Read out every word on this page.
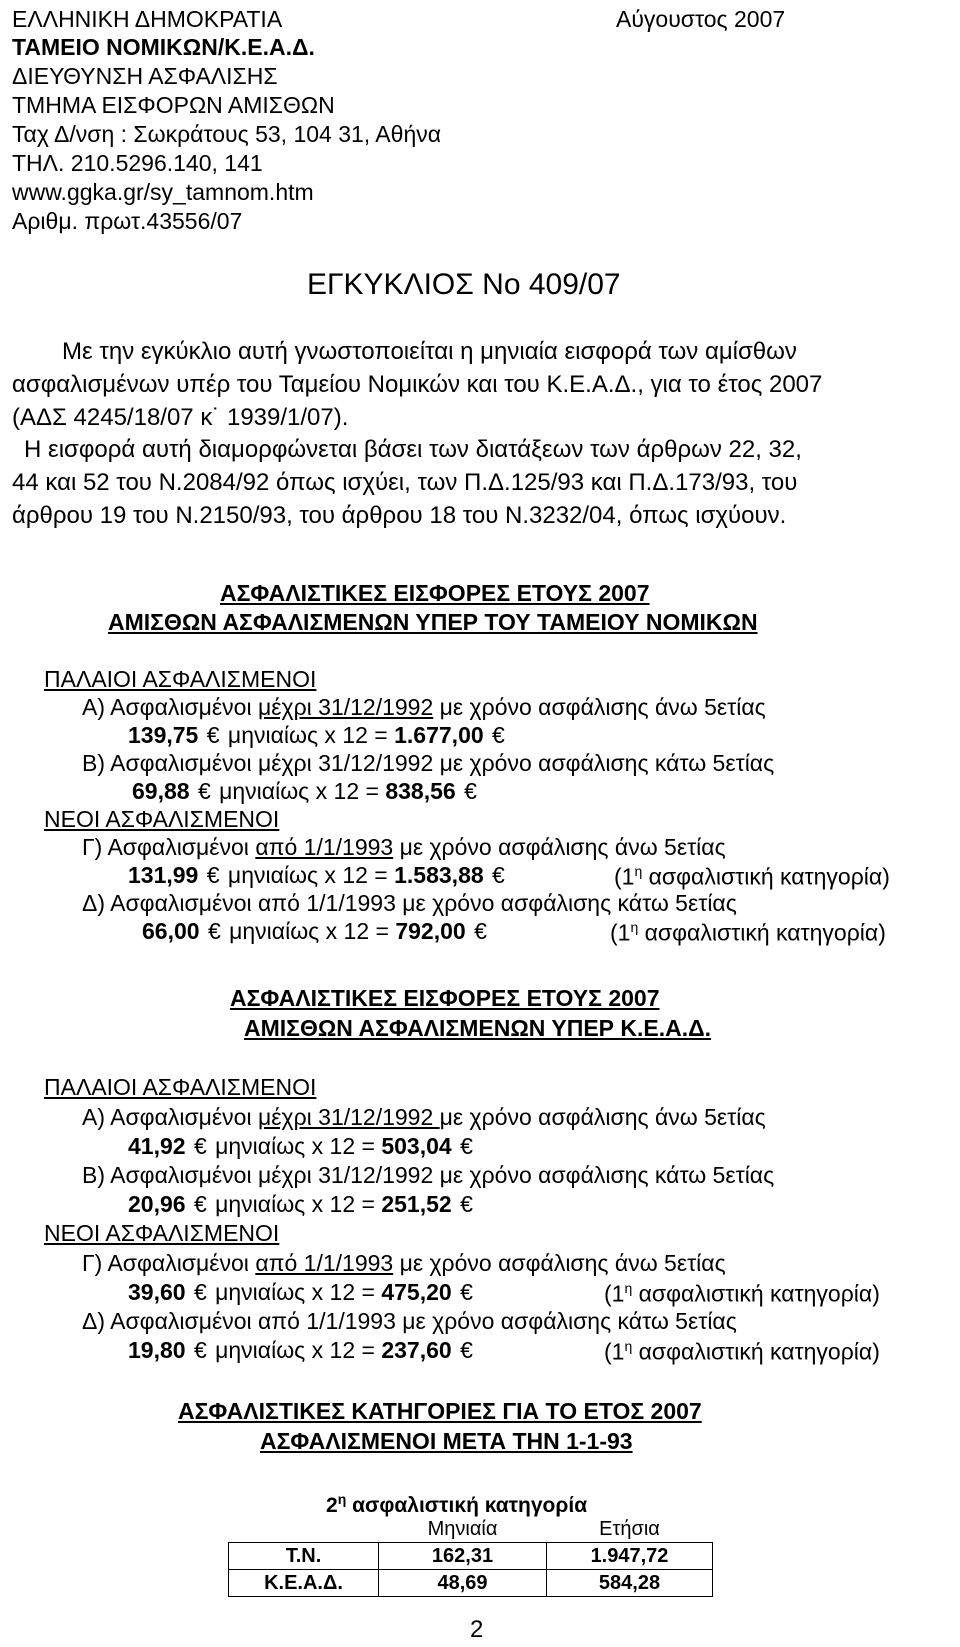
ΕΛΛΗΝΙΚΗ ΔΗΜΟΚΡΑΤΙΑ	Αύγουστος 2007
ΤΑΜΕΙΟ ΝΟΜΙΚΩΝ/Κ.Ε.Α.Δ.
ΔΙΕΥΘΥΝΣΗ ΑΣΦΑΛΙΣΗΣ
ΤΜΗΜΑ ΕΙΣΦΟΡΩΝ ΑΜΙΣΘΩΝ
Ταχ Δ/νση : Σωκράτους 53, 104 31, Αθήνα
ΤΗΛ. 210.5296.140, 141
www.ggka.gr/sy_tamnom.htm
Αριθμ. πρωτ.43556/07
ΕΓΚΥΚΛΙΟΣ Νο 409/07
Με την εγκύκλιο αυτή γνωστοποιείται η μηνιαία εισφορά των αμίσθων
ασφαλισμένων υπέρ του Ταμείου Νομικών και του Κ.Ε.Α.Δ., για το έτος 2007
(ΑΔΣ 4245/18/07 κ˙ 1939/1/07).
Η εισφορά αυτή διαμορφώνεται βάσει των διατάξεων των άρθρων 22, 32,
44 και 52 του Ν.2084/92 όπως ισχύει, των Π.Δ.125/93 και Π.Δ.173/93, του
άρθρου 19 του Ν.2150/93, του άρθρου 18 του Ν.3232/04, όπως ισχύουν.
ΑΣΦΑΛΙΣΤΙΚΕΣ ΕΙΣΦΟΡΕΣ ΕΤΟΥΣ 2007
ΑΜΙΣΘΩΝ ΑΣΦΑΛΙΣΜΕΝΩΝ ΥΠΕΡ ΤΟΥ ΤΑΜΕΙΟΥ ΝΟΜΙΚΩΝ
ΠΑΛΑΙΟΙ ΑΣΦΑΛΙΣΜΕΝΟΙ
Α) Ασφαλισμένοι μέχρι 31/12/1992 με χρόνο ασφάλισης άνω 5ετίας
139,75 € μηνιαίως x 12 = 1.677,00 €
Β) Ασφαλισμένοι μέχρι 31/12/1992 με χρόνο ασφάλισης κάτω 5ετίας
69,88 € μηνιαίως x 12 = 838,56 €
ΝΕΟΙ ΑΣΦΑΛΙΣΜΕΝΟΙ
Γ) Ασφαλισμένοι από 1/1/1993 με χρόνο ασφάλισης άνω 5ετίας
131,99 € μηνιαίως x 12 = 1.583,88 €	($1^\eta$ ασφαλιστική κατηγορία)
Δ) Ασφαλισμένοι από 1/1/1993 με χρόνο ασφάλισης κάτω 5ετίας
66,00 € μηνιαίως x 12 = 792,00 €	($1^\eta$ ασφαλιστική κατηγορία)
ΑΣΦΑΛΙΣΤΙΚΕΣ ΕΙΣΦΟΡΕΣ ΕΤΟΥΣ 2007
ΑΜΙΣΘΩΝ ΑΣΦΑΛΙΣΜΕΝΩΝ ΥΠΕΡ Κ.Ε.Α.Δ.
ΠΑΛΑΙΟΙ ΑΣΦΑΛΙΣΜΕΝΟΙ
Α) Ασφαλισμένοι μέχρι 31/12/1992 με χρόνο ασφάλισης άνω 5ετίας
41,92 € μηνιαίως x 12 = 503,04 €
Β) Ασφαλισμένοι μέχρι 31/12/1992 με χρόνο ασφάλισης κάτω 5ετίας
20,96 € μηνιαίως x 12 = 251,52 €
ΝΕΟΙ ΑΣΦΑΛΙΣΜΕΝΟΙ
Γ) Ασφαλισμένοι από 1/1/1993 με χρόνο ασφάλισης άνω 5ετίας
39,60 € μηνιαίως x 12 = 475,20 €	($1^\eta$ ασφαλιστική κατηγορία)
Δ) Ασφαλισμένοι από 1/1/1993 με χρόνο ασφάλισης κάτω 5ετίας
19,80 € μηνιαίως x 12 = 237,60 €	($1^\eta$ ασφαλιστική κατηγορία)
ΑΣΦΑΛΙΣΤΙΚΕΣ ΚΑΤΗΓΟΡΙΕΣ ΓΙΑ ΤΟ ΕΤΟΣ 2007
ΑΣΦΑΛΙΣΜΕΝΟΙ ΜΕΤΑ ΤΗΝ 1-1-93
$2^\eta$ ασφαλιστική κατηγορία
	Μηνιαία	Ετήσια
Τ.Ν.	162,31	1.947,72
Κ.Ε.Α.Δ.	48,69	584,28
2
